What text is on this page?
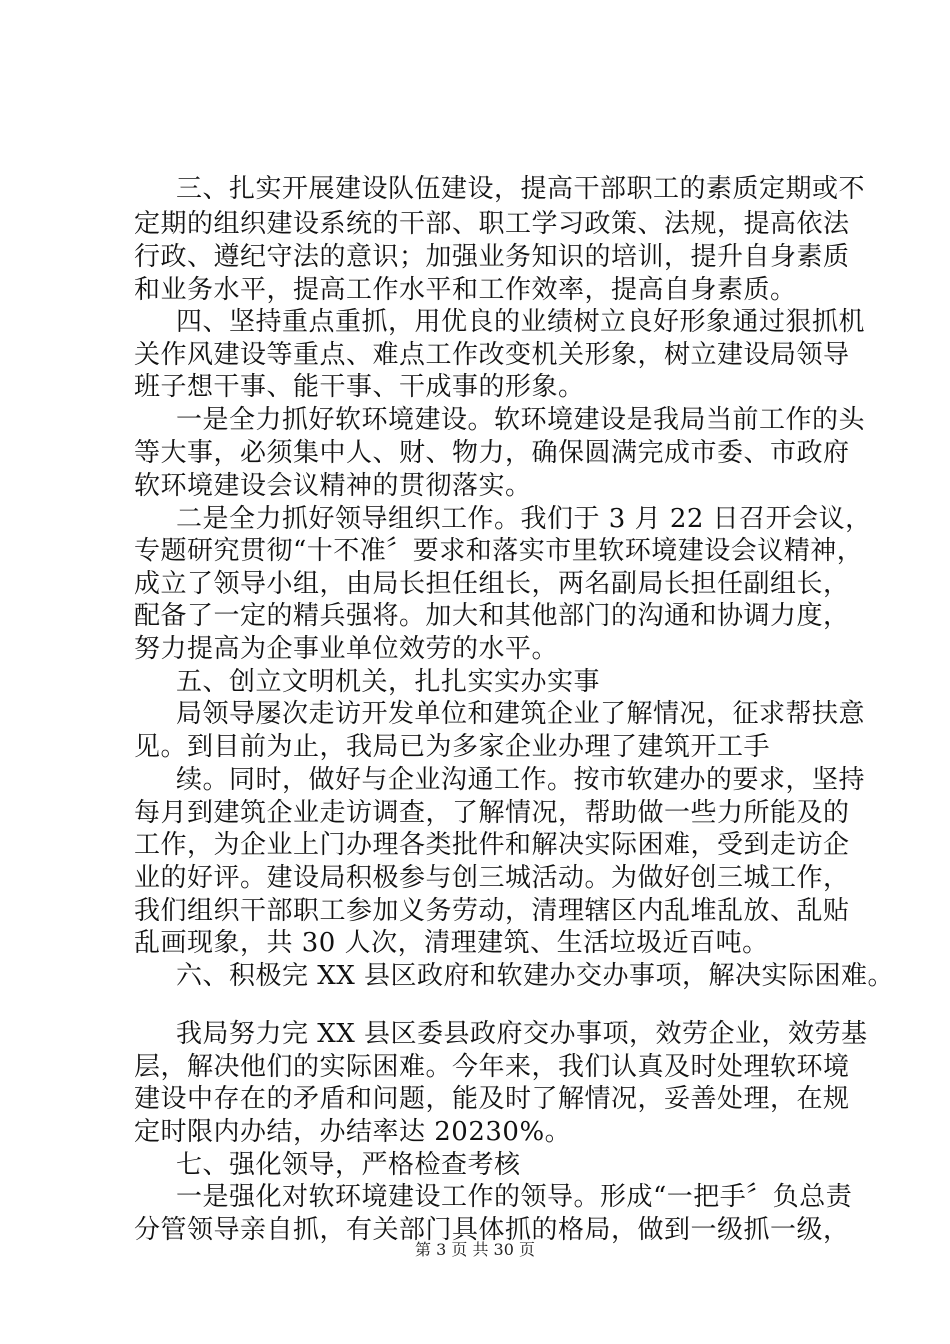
三、扎实开展建设队伍建设，提高干部职工的素质定期或不
定期的组织建设系统的干部、职工学习政策、法规，提高依法
行政、遵纪守法的意识；加强业务知识的培训，提升自身素质
和业务水平，提高工作水平和工作效率，提高自身素质。
四、坚持重点重抓，用优良的业绩树立良好形象通过狠抓机
关作风建设等重点、难点工作改变机关形象，树立建设局领导
班子想干事、能干事、干成事的形象。
一是全力抓好软环境建设。软环境建设是我局当前工作的头
等大事，必须集中人、财、物力，确保圆满完成市委、市政府
软环境建设会议精神的贯彻落实。
二是全力抓好领导组织工作。我们于 3 月 22 日召开会议，
专题研究贯彻“十不准〞要求和落实市里软环境建设会议精神，
成立了领导小组，由局长担任组长，两名副局长担任副组长，
配备了一定的精兵强将。加大和其他部门的沟通和协调力度，
努力提高为企事业单位效劳的水平。
五、创立文明机关，扎扎实实办实事
局领导屡次走访开发单位和建筑企业了解情况，征求帮扶意
见。到目前为止，我局已为多家企业办理了建筑开工手
续。同时，做好与企业沟通工作。按市软建办的要求，坚持
每月到建筑企业走访调查，了解情况，帮助做一些力所能及的
工作，为企业上门办理各类批件和解决实际困难，受到走访企
业的好评。建设局积极参与创三城活动。为做好创三城工作，
我们组织干部职工参加义务劳动，清理辖区内乱堆乱放、乱贴
乱画现象，共 30 人次，清理建筑、生活垃圾近百吨。
六、积极完 XX 县区政府和软建办交办事项，解决实际困难。
我局努力完 XX 县区委县政府交办事项，效劳企业，效劳基
层，解决他们的实际困难。今年来，我们认真及时处理软环境
建设中存在的矛盾和问题，能及时了解情况，妥善处理，在规
定时限内办结，办结率达 20230%。
七、强化领导，严格检查考核
一是强化对软环境建设工作的领导。形成“一把手〞负总责
分管领导亲自抓，有关部门具体抓的格局，做到一级抓一级，
第 3 页 共 30 页
